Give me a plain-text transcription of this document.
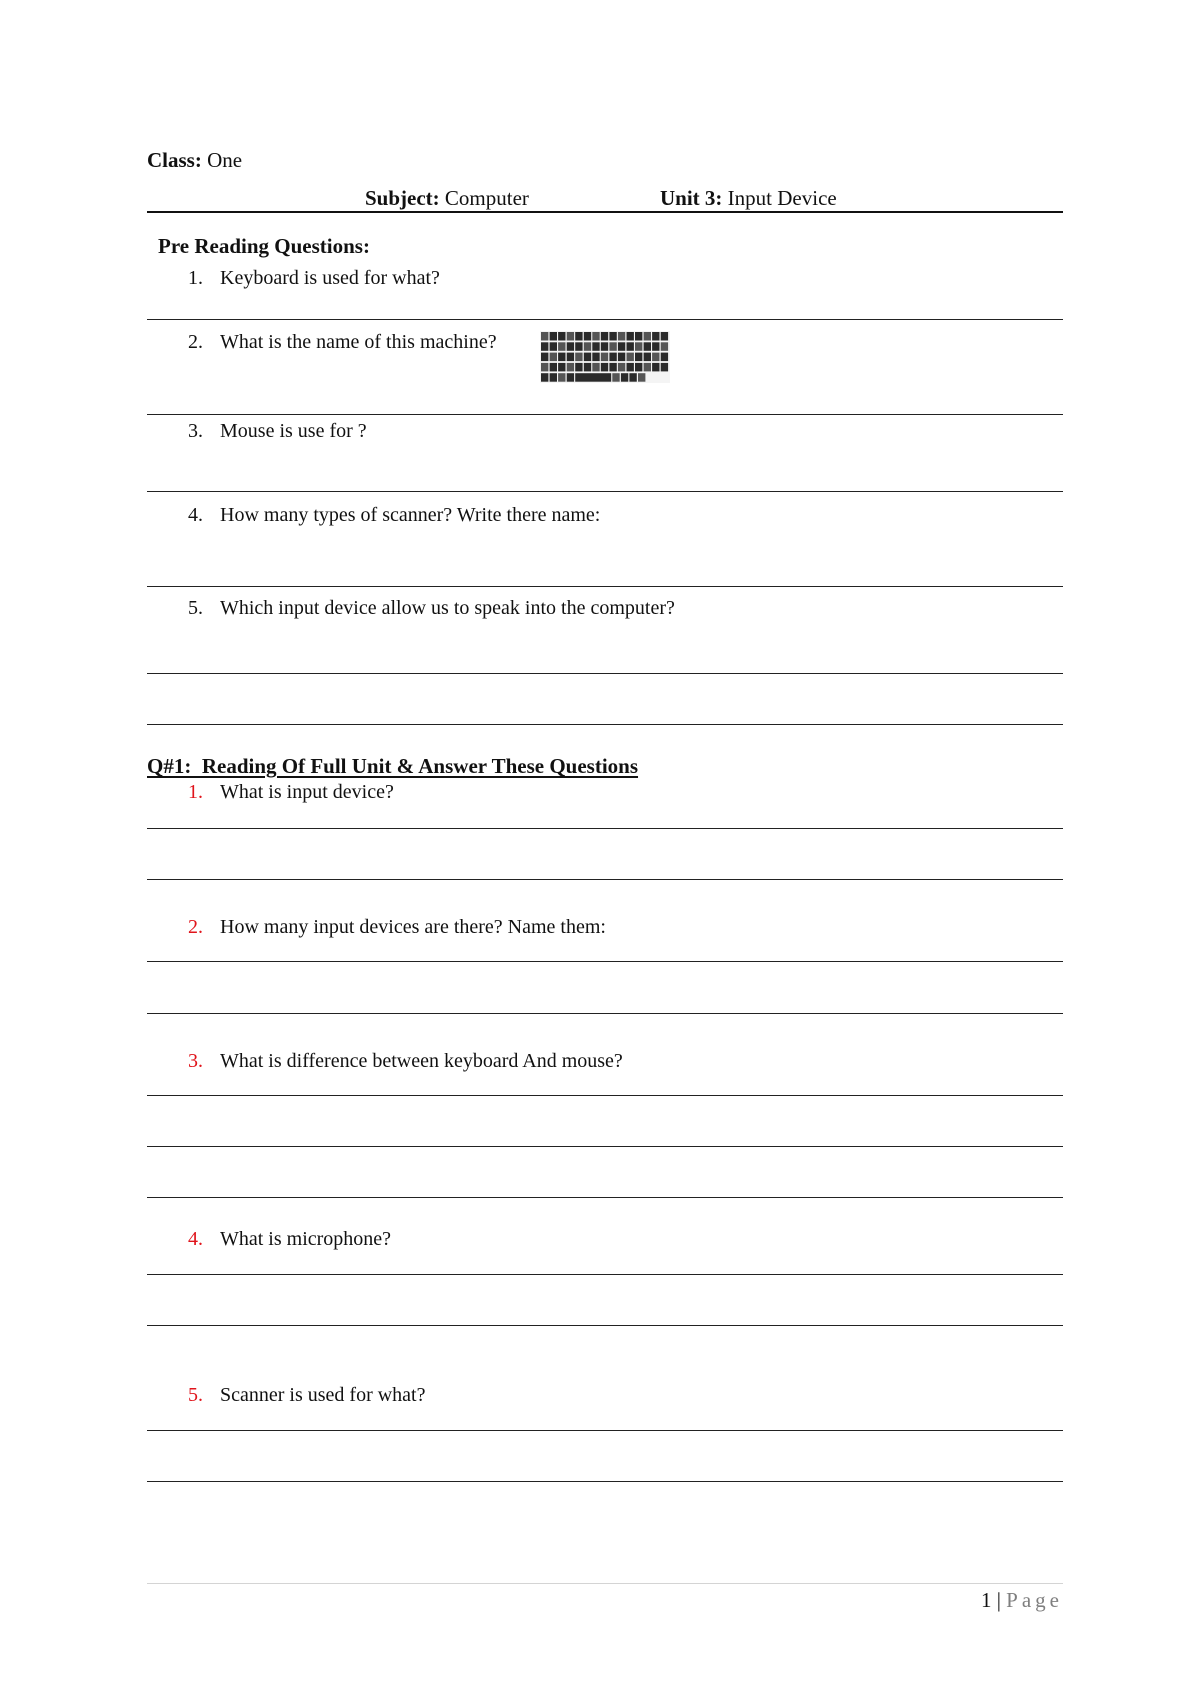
Class: One
Subject: Computer	Unit 3: Input Device
Pre Reading Questions:
1. Keyboard is used for what?
2. What is the name of this machine?
3. Mouse is use for ?
4. How many types of scanner? Write there name:
5. Which input device allow us to speak into the computer?
Q#1:  Reading Of Full Unit & Answer These Questions
1. What is input device?
2. How many input devices are there? Name them:
3. What is difference between keyboard And mouse?
4. What is microphone?
5. Scanner is used for what?
1 | Page
